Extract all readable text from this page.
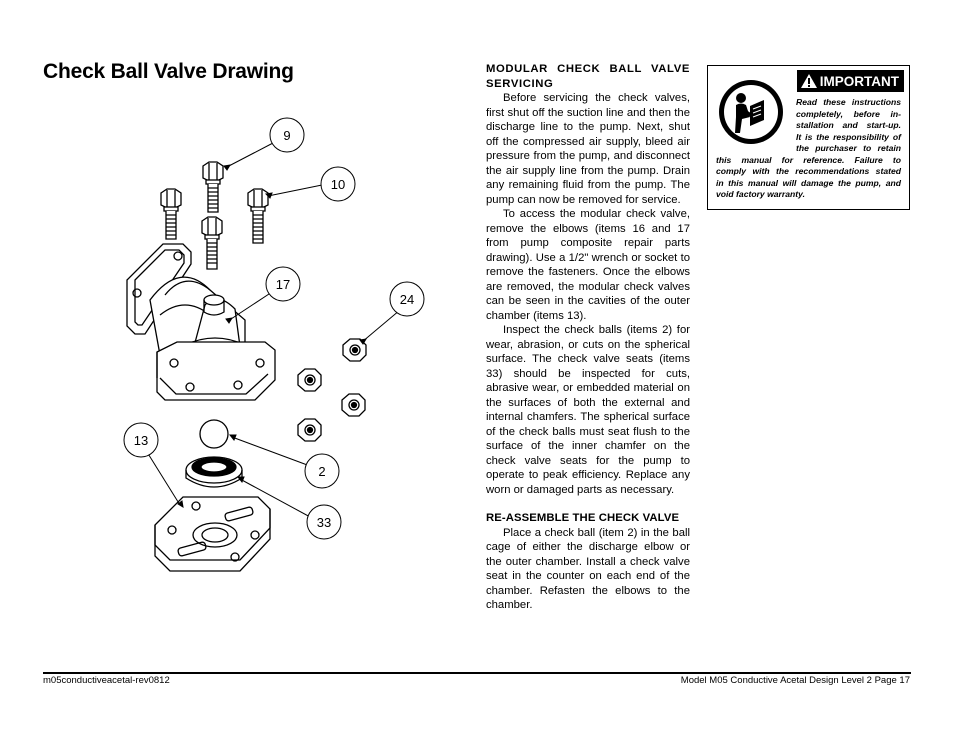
Check Ball Valve Drawing
9
10
17
24
13
2
33
MODULAR CHECK BALL VALVE
SERVICING

Before servicing the check valves, first shut off the suction line and then the discharge line to the pump. Next, shut off the compressed air supply, bleed air pressure from the pump, and disconnect the air supply line from the pump. Drain any remaining fluid from the pump. The pump can now be removed for service.

To access the modular check valve, remove the elbows (items 16 and 17 from pump composite repair parts drawing). Use a 1/2" wrench or socket to remove the fasteners. Once the elbows are removed, the modular check valves can be seen in the cavities of the outer chamber (items 13).

Inspect the check balls (items 2) for wear, abrasion, or cuts on the spherical surface. The check valve seats (items 33) should be inspected for cuts, abrasive wear, or embedded material on the surfaces of both the external and internal chamfers. The spherical surface of the check balls must seat flush to the surface of the inner chamfer on the check valve seats for the pump to operate to peak efficiency. Replace any worn or damaged parts as necessary.

RE-ASSEMBLE THE CHECK VALVE

Place a check ball (item 2) in the ball cage of either the discharge elbow or the outer chamber. Install a check valve seat in the counter on each end of the chamber. Refasten the elbows to the chamber.

IMPORTANT
Read these instructions
completely, before in-
stallation and start-up.
It is the responsibility of
the purchaser to retain
this manual for reference. Failure to
comply with the recommendations stated
in this manual will damage the pump, and
void factory warranty.
m05conductiveacetal-rev0812	Model M05 Conductive Acetal Design Level 2 Page 17
